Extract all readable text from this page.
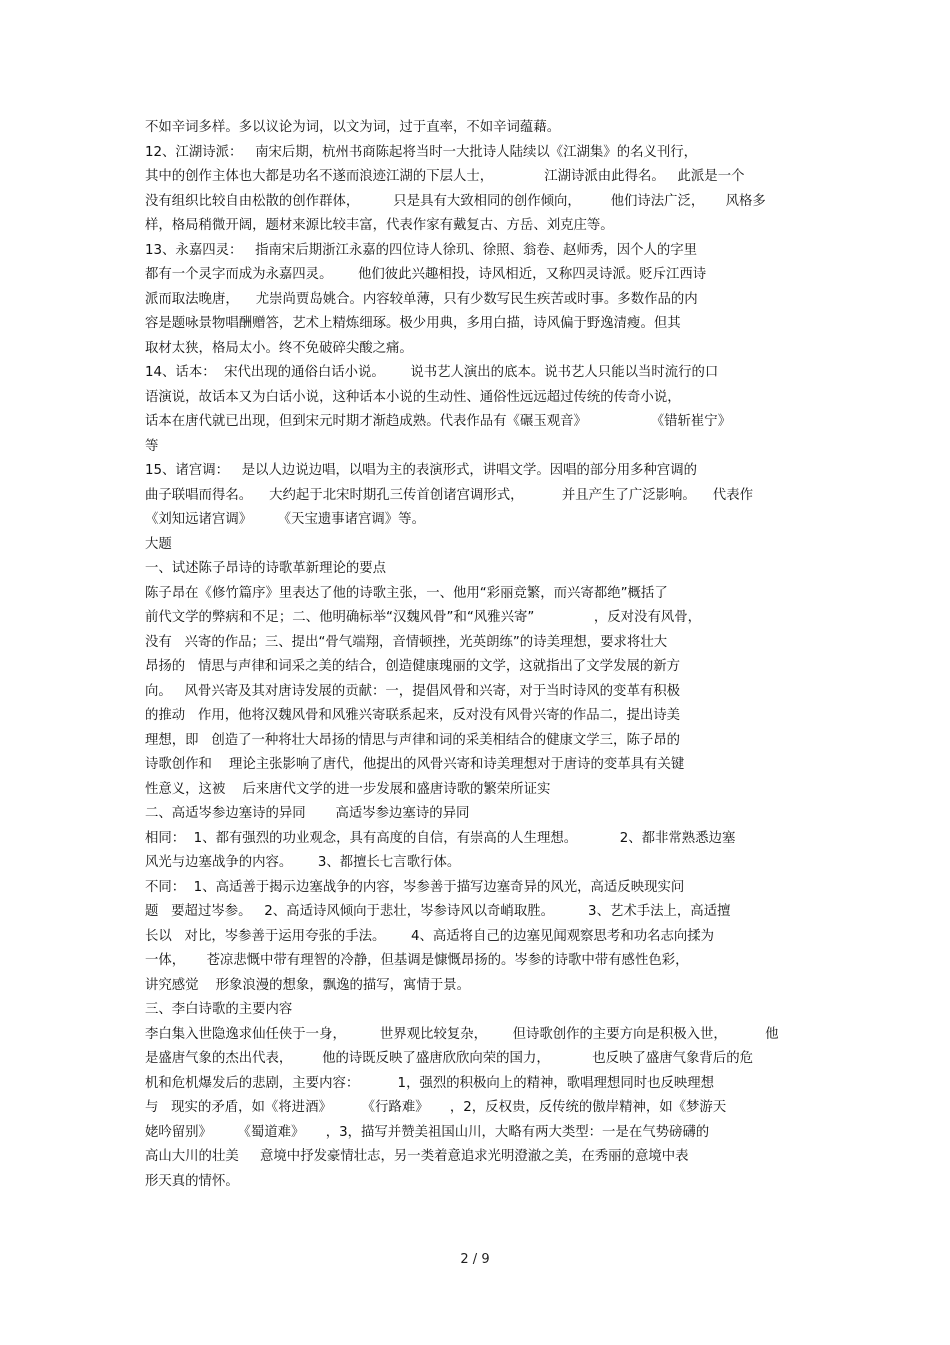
不如辛词多样。多以议论为词，以文为词，过于直率，不如辛词蕴藉。
12、江湖诗派：   南宋后期，杭州书商陈起将当时一大批诗人陆续以《江湖集》的名义刊行，
其中的创作主体也大都是功名不遂而浪迹江湖的下层人士，            江湖诗派由此得名。   此派是一个
没有组织比较自由松散的创作群体，        只是具有大致相同的创作倾向，       他们诗法广泛，     风格多
样，格局稍微开阔，题材来源比较丰富，代表作家有戴复古、方岳、刘克庄等。
13、永嘉四灵：   指南宋后期浙江永嘉的四位诗人徐玑、徐照、翁卷、赵师秀，因个人的字里
都有一个灵字而成为永嘉四灵。      他们彼此兴趣相投，诗风相近，又称四灵诗派。贬斥江西诗
派而取法晚唐，    尤崇尚贾岛姚合。内容较单薄，只有少数写民生疾苦或时事。多数作品的内
容是题咏景物唱酬赠答，艺术上精炼细琢。极少用典，多用白描，诗风偏于野逸清瘦。但其
取材太狭，格局太小。终不免破碎尖酸之痛。
14、话本：  宋代出现的通俗白话小说。      说书艺人演出的底本。说书艺人只能以当时流行的口
语演说，故话本又为白话小说，这种话本小说的生动性、通俗性远远超过传统的传奇小说，
话本在唐代就已出现，但到宋元时期才渐趋成熟。代表作品有《碾玉观音》               《错斩崔宁》
等
15、诸宫调：   是以人边说边唱，以唱为主的表演形式，讲唱文学。因唱的部分用多种宫调的
曲子联唱而得名。    大约起于北宋时期孔三传首创诸宫调形式，         并且产生了广泛影响。    代表作
《刘知远诸宫调》      《天宝遗事诸宫调》等。
大题
一、试述陈子昂诗的诗歌革新理论的要点
陈子昂在《修竹篇序》里表达了他的诗歌主张，一、他用“彩丽竞繁，而兴寄都绝”概括了
前代文学的弊病和不足；二、他明确标举“汉魏风骨”和“风雅兴寄”              ，反对没有风骨，
没有   兴寄的作品；三、提出“骨气端翔，音情顿挫，光英朗练”的诗美理想，要求将壮大
昂扬的   情思与声律和词采之美的结合，创造健康瑰丽的文学，这就指出了文学发展的新方
向。   风骨兴寄及其对唐诗发展的贡献：一，提倡风骨和兴寄，对于当时诗风的变革有积极
的推动   作用，他将汉魏风骨和风雅兴寄联系起来，反对没有风骨兴寄的作品二，提出诗美
理想，即   创造了一种将壮大昂扬的情思与声律和词的采美相结合的健康文学三，陈子昂的
诗歌创作和    理论主张影响了唐代，他提出的风骨兴寄和诗美理想对于唐诗的变革具有关键
性意义，这被    后来唐代文学的进一步发展和盛唐诗歌的繁荣所证实
二、高适岑参边塞诗的异同       高适岑参边塞诗的异同
相同：  1、都有强烈的功业观念，具有高度的自信，有崇高的人生理想。          2、都非常熟悉边塞
风光与边塞战争的内容。      3、都擅长七言歌行体。
不同：  1、高适善于揭示边塞战争的内容，岑参善于描写边塞奇异的风光，高适反映现实问
题   要超过岑参。   2、高适诗风倾向于悲壮，岑参诗风以奇峭取胜。        3、艺术手法上，高适擅
长以   对比，岑参善于运用夸张的手法。      4、高适将自己的边塞见闻观察思考和功名志向揉为
一体，     苍凉悲慨中带有理智的冷静，但基调是慷慨昂扬的。岑参的诗歌中带有感性色彩，
讲究感觉    形象浪漫的想象，飘逸的描写，寓情于景。
三、李白诗歌的主要内容
李白集入世隐逸求仙任侠于一身，        世界观比较复杂，      但诗歌创作的主要方向是积极入世，         他
是盛唐气象的杰出代表，       他的诗既反映了盛唐欣欣向荣的国力，          也反映了盛唐气象背后的危
机和危机爆发后的悲剧，主要内容：         1，强烈的积极向上的精神，歌唱理想同时也反映理想
与   现实的矛盾，如《将进酒》       《行路难》     ，2，反权贵，反传统的傲岸精神，如《梦游天
姥吟留别》      《蜀道难》     ，3，描写并赞美祖国山川，大略有两大类型：一是在气势磅礴的
高山大川的壮美     意境中抒发豪情壮志，另一类着意追求光明澄澈之美，在秀丽的意境中表
形天真的情怀。
2 / 9
